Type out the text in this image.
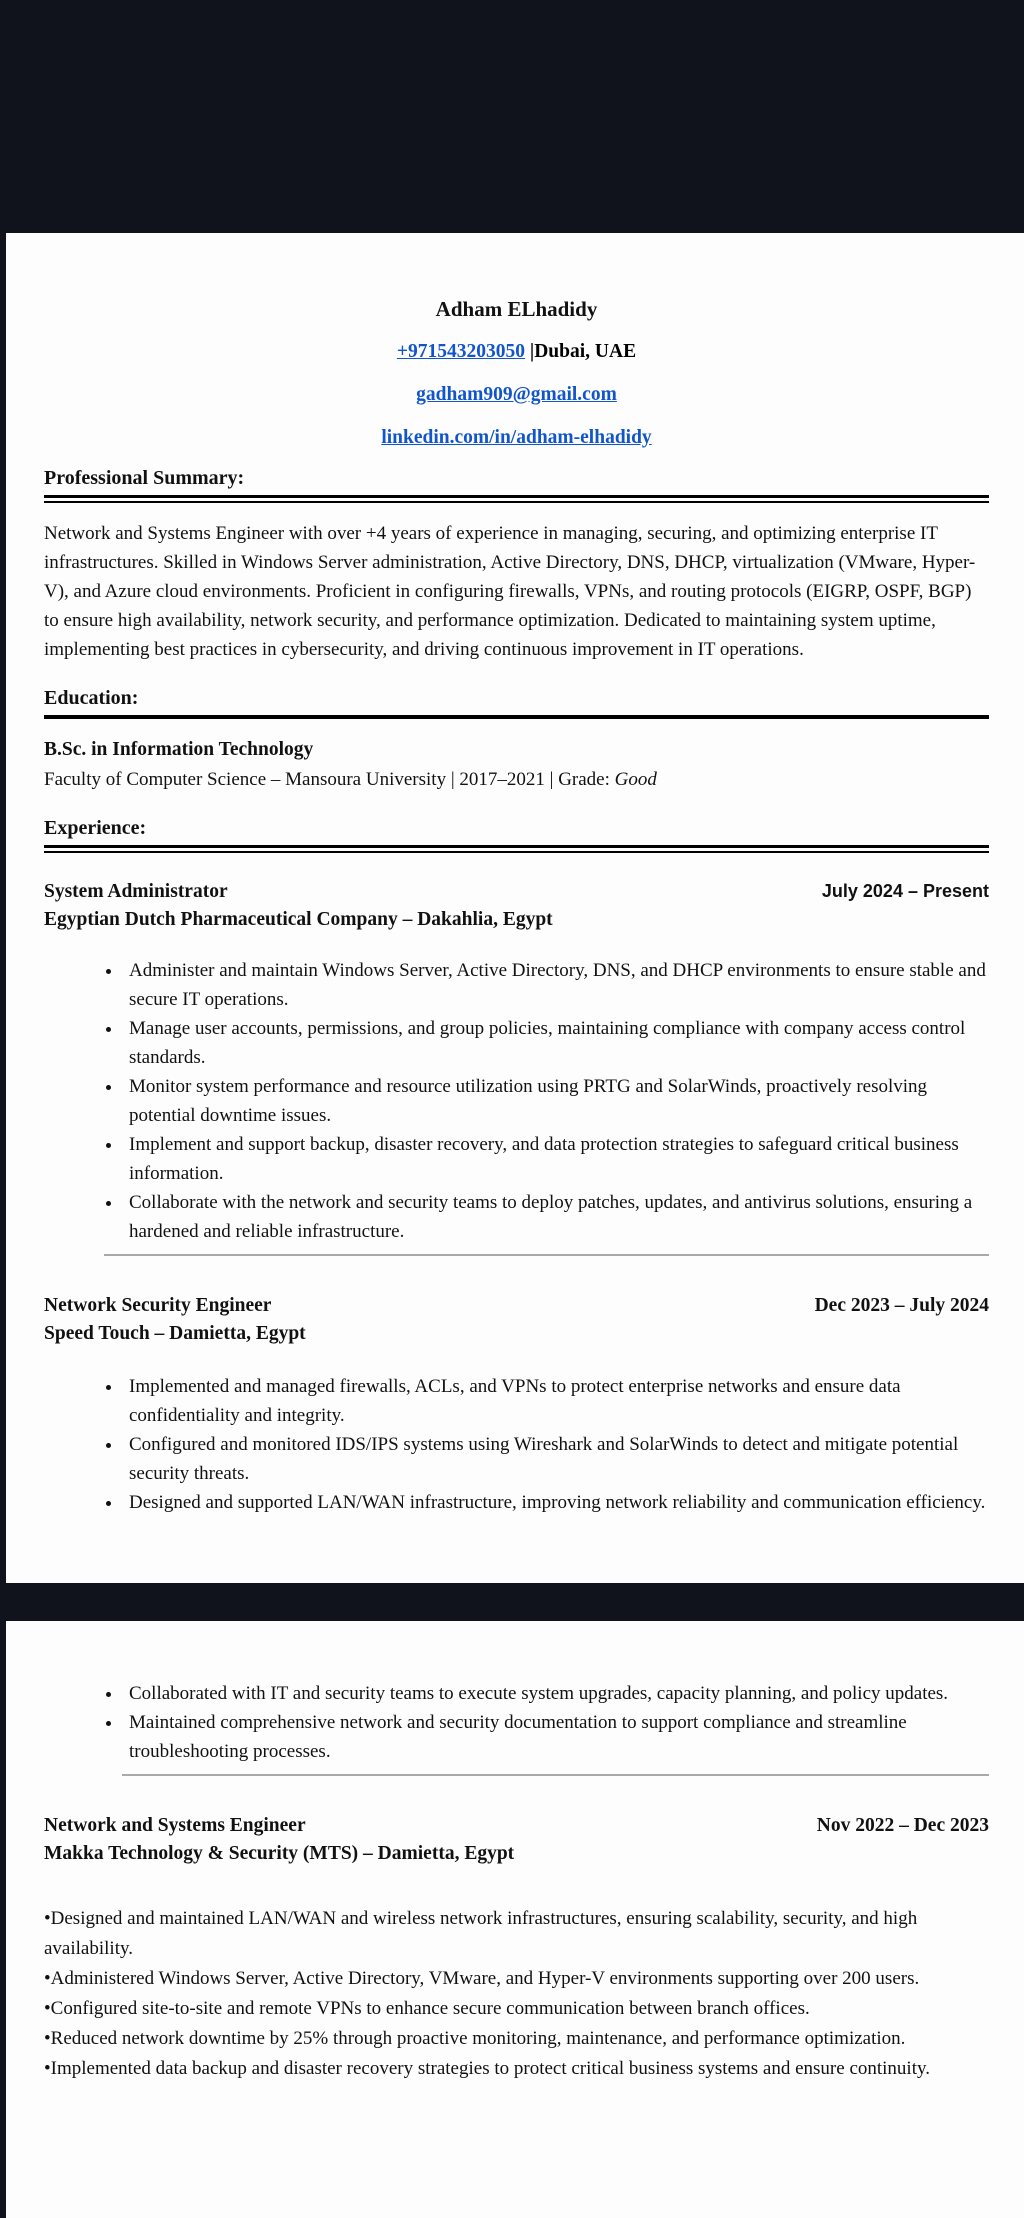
Adham ELhadidy
+971543203050 |Dubai, UAE
gadham909@gmail.com
linkedin.com/in/adham-elhadidy
Professional Summary:

Network and Systems Engineer with over +4 years of experience in managing, securing, and optimizing enterprise IT infrastructures. Skilled in Windows Server administration, Active Directory, DNS, DHCP, virtualization (VMware, Hyper-V), and Azure cloud environments. Proficient in configuring firewalls, VPNs, and routing protocols (EIGRP, OSPF, BGP) to ensure high availability, network security, and performance optimization. Dedicated to maintaining system uptime, implementing best practices in cybersecurity, and driving continuous improvement in IT operations.

Education:
B.Sc. in Information Technology
Faculty of Computer Science – Mansoura University | 2017–2021 | Grade: Good
Experience:
System Administrator	July 2024 – Present
Egyptian Dutch Pharmaceutical Company – Dakahlia, Egypt
• Administer and maintain Windows Server, Active Directory, DNS, and DHCP environments to ensure stable and secure IT operations.
• Manage user accounts, permissions, and group policies, maintaining compliance with company access control standards.
• Monitor system performance and resource utilization using PRTG and SolarWinds, proactively resolving potential downtime issues.
• Implement and support backup, disaster recovery, and data protection strategies to safeguard critical business information.
• Collaborate with the network and security teams to deploy patches, updates, and antivirus solutions, ensuring a hardened and reliable infrastructure.
Network Security Engineer	Dec 2023 – July 2024
Speed Touch – Damietta, Egypt
• Implemented and managed firewalls, ACLs, and VPNs to protect enterprise networks and ensure data confidentiality and integrity.
• Configured and monitored IDS/IPS systems using Wireshark and SolarWinds to detect and mitigate potential security threats.
• Designed and supported LAN/WAN infrastructure, improving network reliability and communication efficiency.
• Collaborated with IT and security teams to execute system upgrades, capacity planning, and policy updates.
• Maintained comprehensive network and security documentation to support compliance and streamline troubleshooting processes.
Network and Systems Engineer	Nov 2022 – Dec 2023
Makka Technology & Security (MTS) – Damietta, Egypt

• Designed and maintained LAN/WAN and wireless network infrastructures, ensuring scalability, security, and high availability.

• Administered Windows Server, Active Directory, VMware, and Hyper-V environments supporting over 200 users.

• Configured site-to-site and remote VPNs to enhance secure communication between branch offices.

• Reduced network downtime by 25% through proactive monitoring, maintenance, and performance optimization.

• Implemented data backup and disaster recovery strategies to protect critical business systems and ensure continuity.
